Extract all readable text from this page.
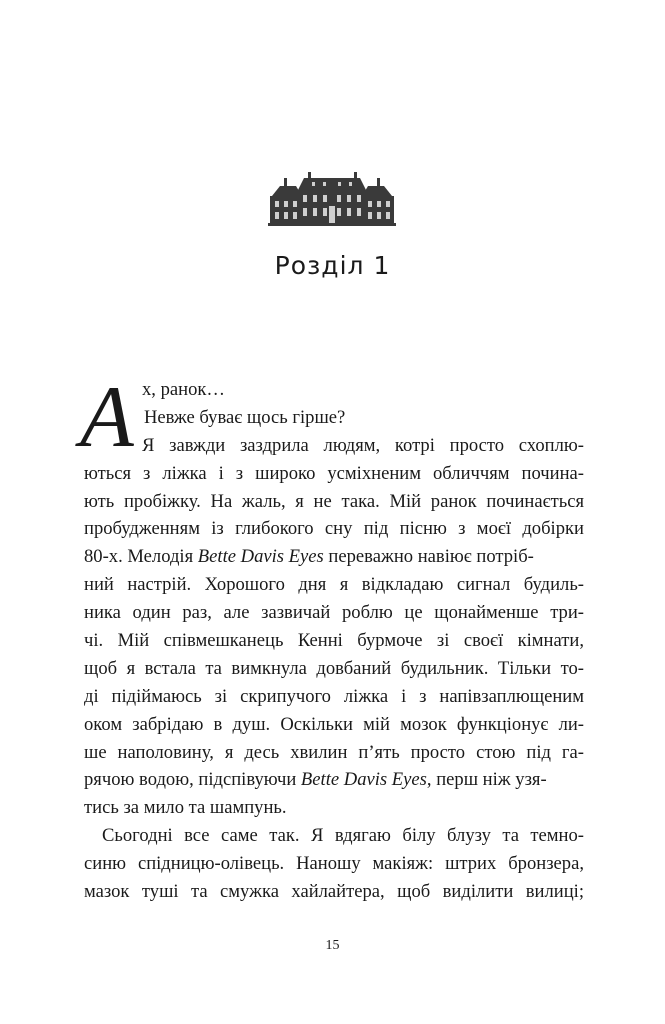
Розділ 1
А х, ранок…
Невже буває щось гірше?
Я завжди заздрила людям, котрі просто схоплю-
ються з ліжка і з широко усміхненим обличчям почина-
ють пробіжку. На жаль, я не така. Мій ранок починається
пробудженням із глибокого сну під пісню з моєї добірки
80-х. Мелодія Bette Davis Eyes переважно навіює потріб-
ний настрій. Хорошого дня я відкладаю сигнал будиль-
ника один раз, але зазвичай роблю це щонайменше три-
чі. Мій співмешканець Кенні бурмоче зі своєї кімнати,
щоб я встала та вимкнула довбаний будильник. Тільки то-
ді підіймаюсь зі скрипучого ліжка і з напівзаплющеним
оком забрідаю в душ. Оскільки мій мозок функціонує ли-
ше наполовину, я десь хвилин п’ять просто стою під га-
рячою водою, підспівуючи Bette Davis Eyes, перш ніж узя-
тись за мило та шампунь.
Сьогодні все саме так. Я вдягаю білу блузу та темно-
синю спідницю-олівець. Наношу макіяж: штрих бронзера,
мазок туші та смужка хайлайтера, щоб виділити вилиці;
15
